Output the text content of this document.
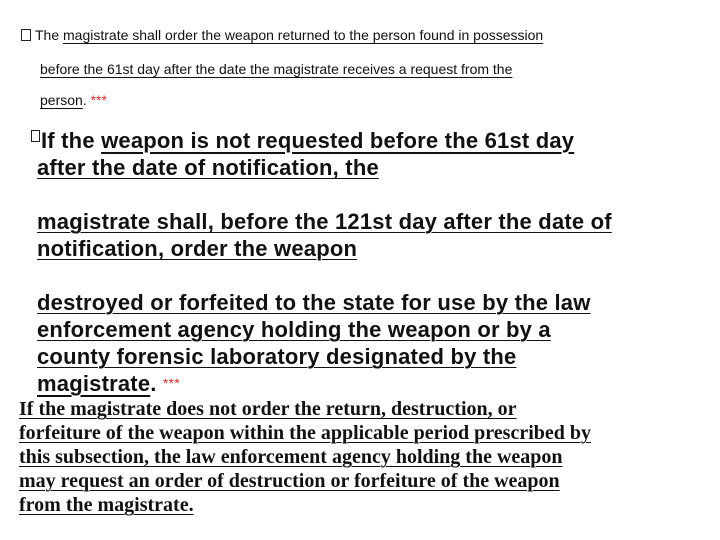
The magistrate shall order the weapon returned to the person found in possession
before the 61st day after the date the magistrate receives a request from the
person. ***
If the weapon is not requested before the 61st day
after the date of notification, the
magistrate shall, before the 121st day after the date of
notification, order the weapon
destroyed or forfeited to the state for use by the law
enforcement agency holding the weapon or by a
county forensic laboratory designated by the
magistrate. ***
If the magistrate does not order the return, destruction, or
forfeiture of the weapon within the applicable period prescribed by
this subsection, the law enforcement agency holding the weapon
may request an order of destruction or forfeiture of the weapon
from the magistrate.
